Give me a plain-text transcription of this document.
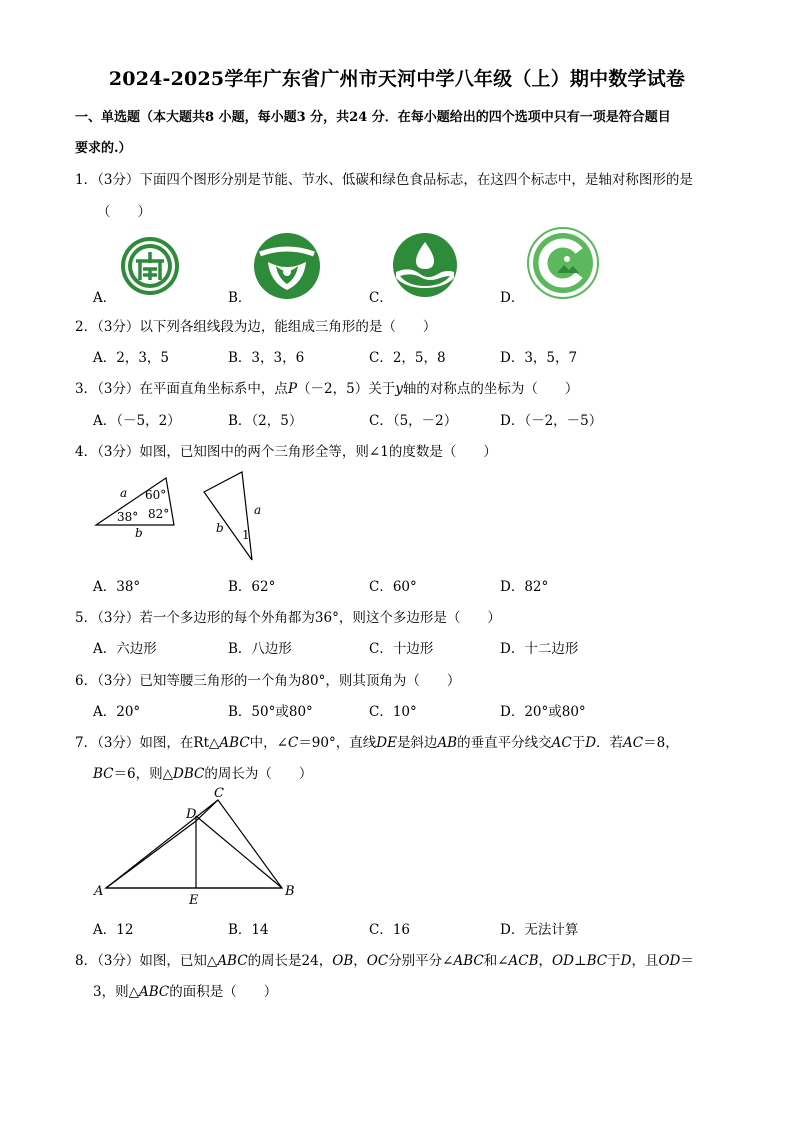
2024-2025学年广东省广州市天河中学八年级（上）期中数学试卷
一、单选题（本大题共8 小题，每小题3 分，共24 分．在每小题给出的四个选项中只有一项是符合题目
要求的.）
1．（3分）下面四个图形分别是节能、节水、低碳和绿色食品标志，在这四个标志中，是轴对称图形的是
（　　）
A．	B．	C．	D．
2．（3分）以下列各组线段为边，能组成三角形的是（　　）
A．2，3，5	B．3，3，6	C．2，5，8	D．3，5，7
3．（3分）在平面直角坐标系中，点P（－2，5）关于y轴的对称点的坐标为（　　）
A．（－5，2）	B．（2，5）	C．（5，－2）	D．（－2，－5）
4．（3分）如图，已知图中的两个三角形全等，则∠1的度数是（　　）
a
b
60°
38° 82°	a
b 1
A．38°	B．62°	C．60°	D．82°
5．（3分）若一个多边形的每个外角都为36°，则这个多边形是（　　）
A．六边形	B．八边形	C．十边形	D．十二边形
6．（3分）已知等腰三角形的一个角为80°，则其顶角为（　　）
A．20°	B．50°或80°	C．10°	D．20°或80°
7．（3分）如图，在Rt△ABC中，∠C＝90°，直线DE是斜边AB的垂直平分线交AC于D．若AC＝8，
BC＝6，则△DBC的周长为（　　）
A	B
C
D
E
A．12	B．14	C．16	D．无法计算
8．（3分）如图，已知△ABC的周长是24，OB，OC分别平分∠ABC和∠ACB，OD⊥BC于D，且OD＝
3，则△ABC的面积是（　　）
